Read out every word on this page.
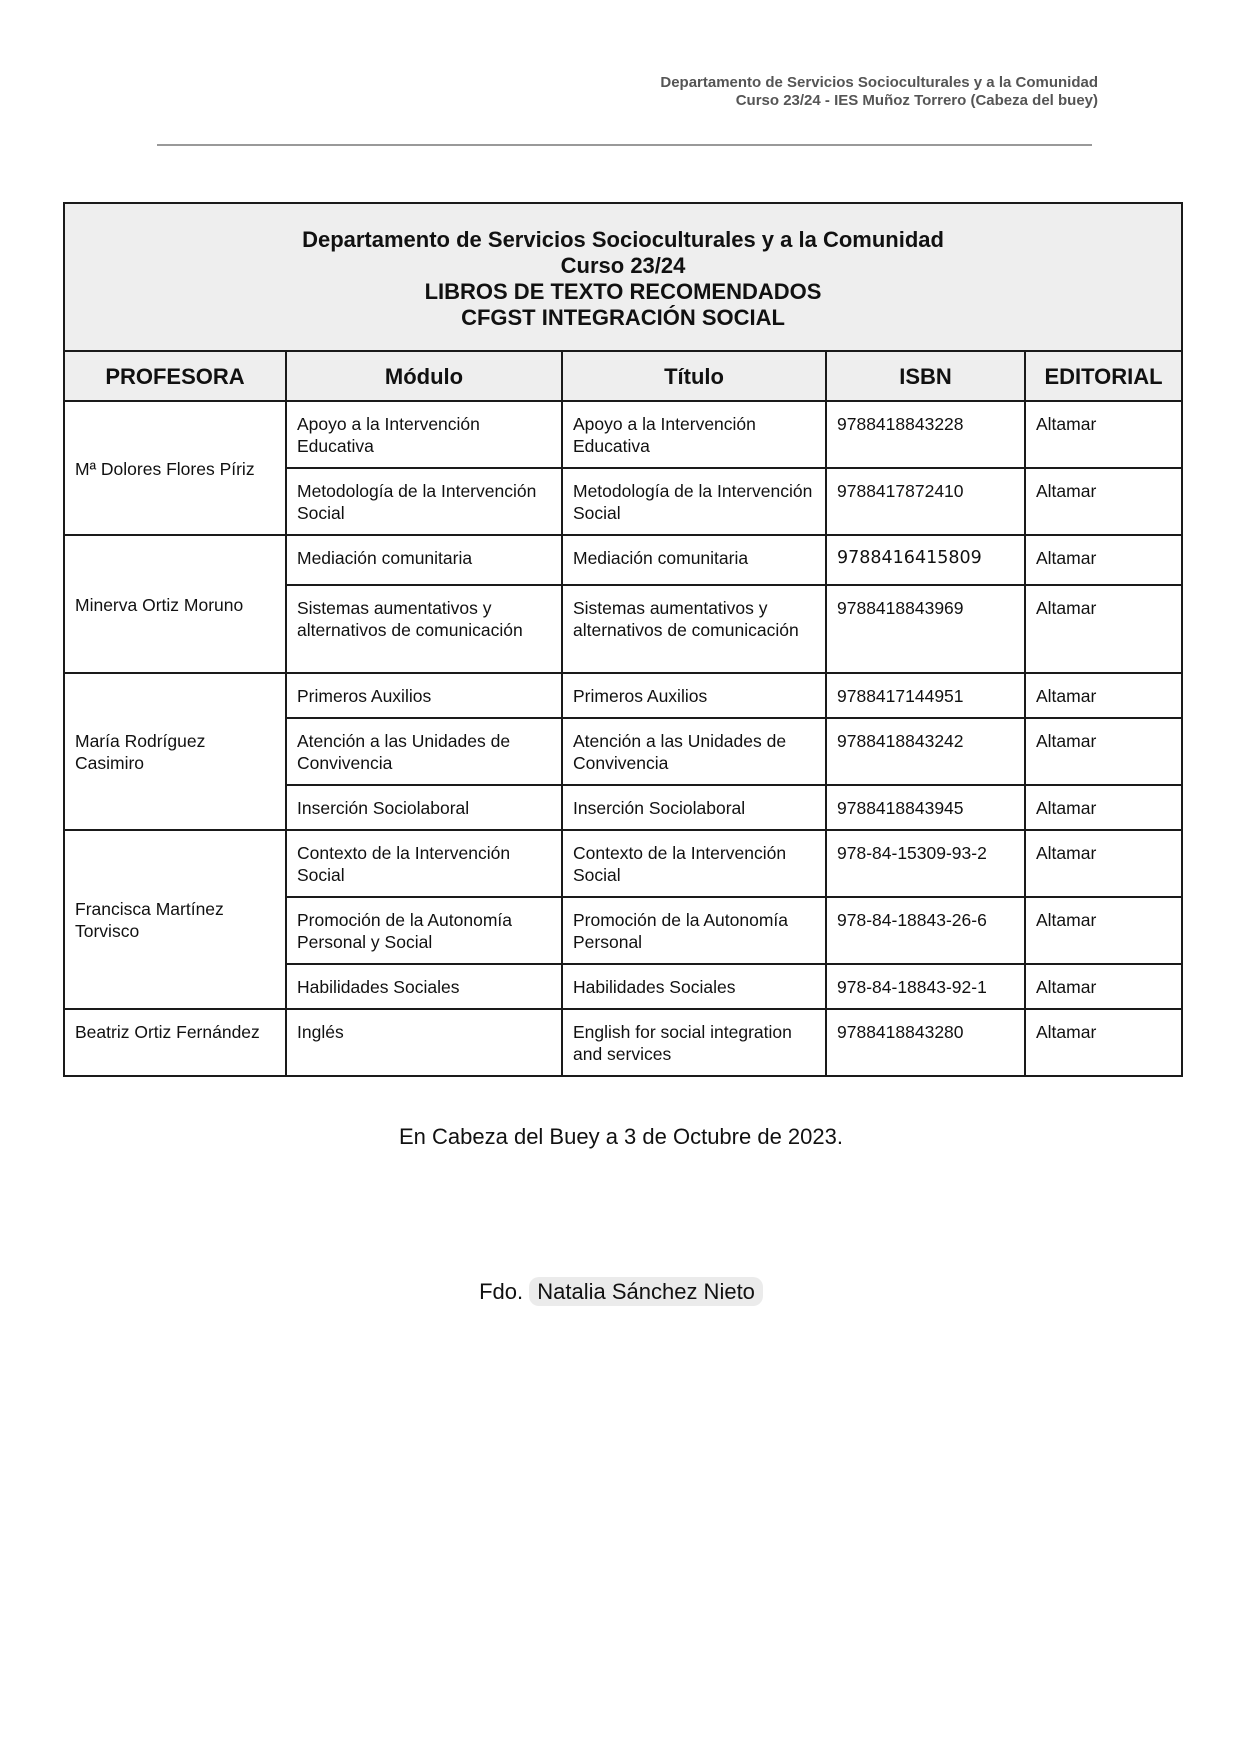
Departamento de Servicios Socioculturales y a la Comunidad
Curso 23/24 - IES Muñoz Torrero (Cabeza del buey)
Departamento de Servicios Socioculturales y a la Comunidad
Curso 23/24
LIBROS DE TEXTO RECOMENDADOS
CFGST INTEGRACIÓN SOCIAL				

PROFESORA	Módulo	Título	ISBN	EDITORIAL
Mª Dolores Flores Píriz	Apoyo a la Intervención Educativa	Apoyo a la Intervención Educativa	9788418843228	Altamar
	Metodología de la Intervención Social	Metodología de la Intervención Social	9788417872410	Altamar
Minerva Ortiz Moruno	Mediación comunitaria	Mediación comunitaria	9788416415809	Altamar
	Sistemas aumentativos y alternativos de comunicación	Sistemas aumentativos y alternativos de comunicación	9788418843969	Altamar
María Rodríguez Casimiro	Primeros Auxilios	Primeros Auxilios	9788417144951	Altamar
	Atención a las Unidades de Convivencia	Atención a las Unidades de Convivencia	9788418843242	Altamar
	Inserción Sociolaboral	Inserción Sociolaboral	9788418843945	Altamar
Francisca Martínez Torvisco	Contexto de la Intervención Social	Contexto de la Intervención Social	978-84-15309-93-2	Altamar
	Promoción de la Autonomía Personal y Social	Promoción de la Autonomía Personal	978-84-18843-26-6	Altamar
	Habilidades Sociales	Habilidades Sociales	978-84-18843-92-1	Altamar
Beatriz Ortiz Fernández	Inglés	English for social integration and services	9788418843280	Altamar
En Cabeza del Buey a 3 de Octubre de 2023.
Fdo. Natalia Sánchez Nieto
